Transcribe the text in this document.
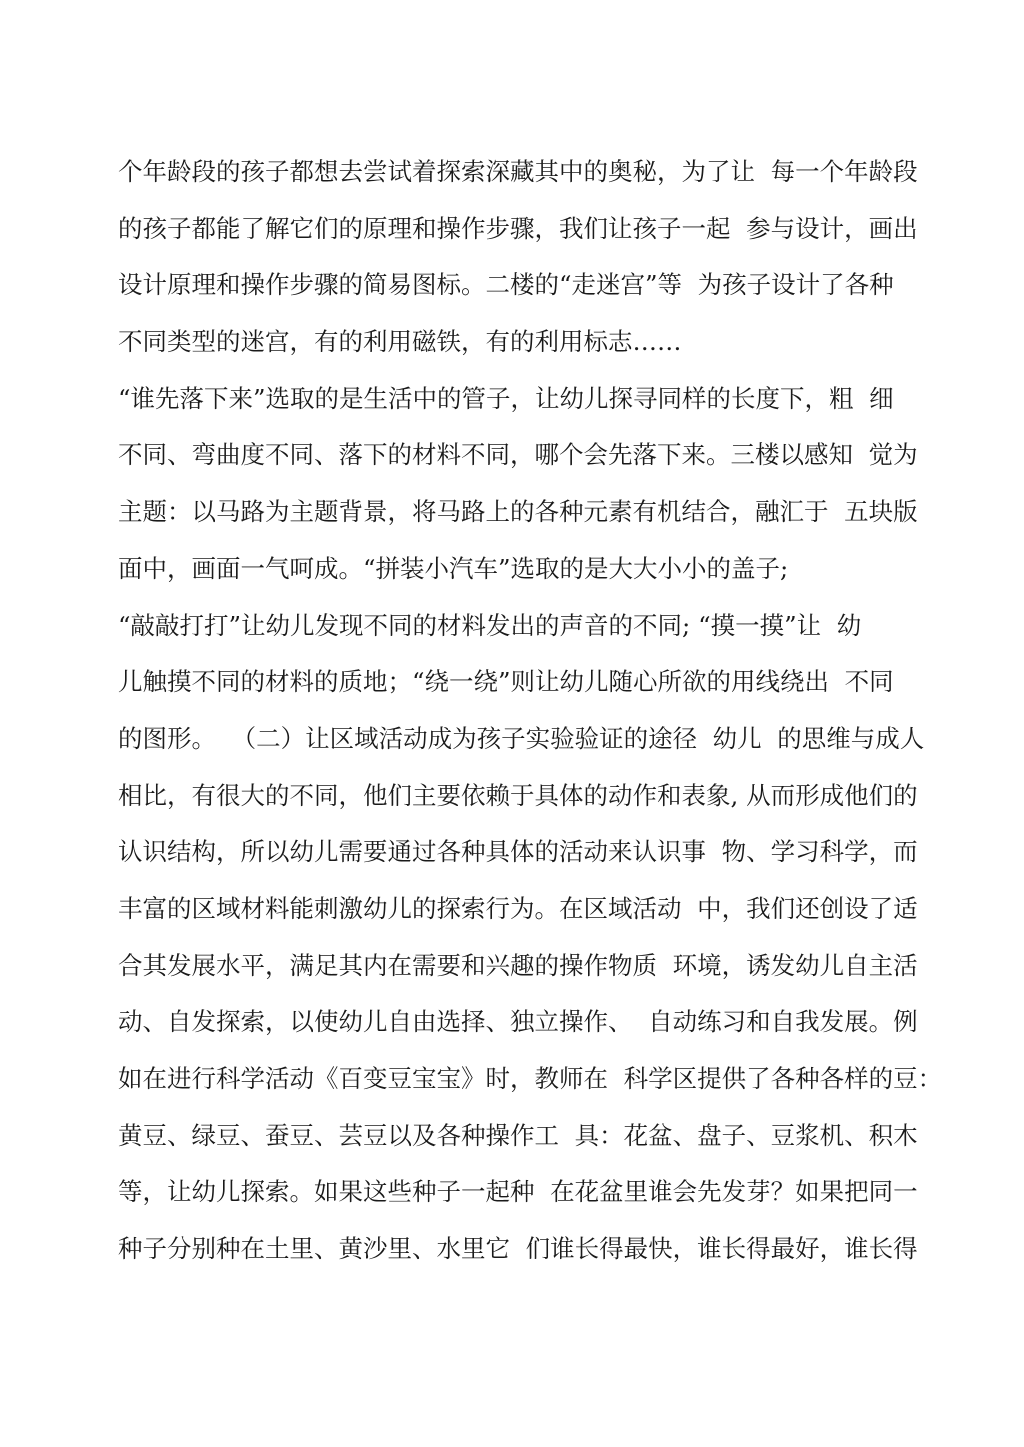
个年龄段的孩子都想去尝试着探索深藏其中的奥秘，为了让  每一个年龄段
的孩子都能了解它们的原理和操作步骤，我们让孩子一起  参与设计，画出
设计原理和操作步骤的简易图标。二楼的“走迷宫”等  为孩子设计了各种
不同类型的迷宫，有的利用磁铁，有的利用标志……
“谁先落下来”选取的是生活中的管子，让幼儿探寻同样的长度下，粗  细
不同、弯曲度不同、落下的材料不同，哪个会先落下来。三楼以感知  觉为
主题：以马路为主题背景，将马路上的各种元素有机结合，融汇于  五块版
面中，画面一气呵成。“拼装小汽车”选取的是大大小小的盖子;
“敲敲打打”让幼儿发现不同的材料发出的声音的不同; “摸一摸”让  幼
儿触摸不同的材料的质地；“绕一绕”则让幼儿随心所欲的用线绕出  不同
的图形。  （二）让区域活动成为孩子实验验证的途径  幼儿  的思维与成人
相比，有很大的不同，他们主要依赖于具体的动作和表象, 从而形成他们的
认识结构，所以幼儿需要通过各种具体的活动来认识事  物、学习科学，而
丰富的区域材料能刺激幼儿的探索行为。在区域活动  中，我们还创设了适
合其发展水平，满足其内在需要和兴趣的操作物质  环境，诱发幼儿自主活
动、自发探索，以使幼儿自由选择、独立操作、  自动练习和自我发展。例
如在进行科学活动《百变豆宝宝》时，教师在  科学区提供了各种各样的豆：
黄豆、绿豆、蚕豆、芸豆以及各种操作工  具：花盆、盘子、豆浆机、积木
等，让幼儿探索。如果这些种子一起种  在花盆里谁会先发芽？如果把同一
种子分别种在土里、黄沙里、水里它  们谁长得最快，谁长得最好，谁长得
